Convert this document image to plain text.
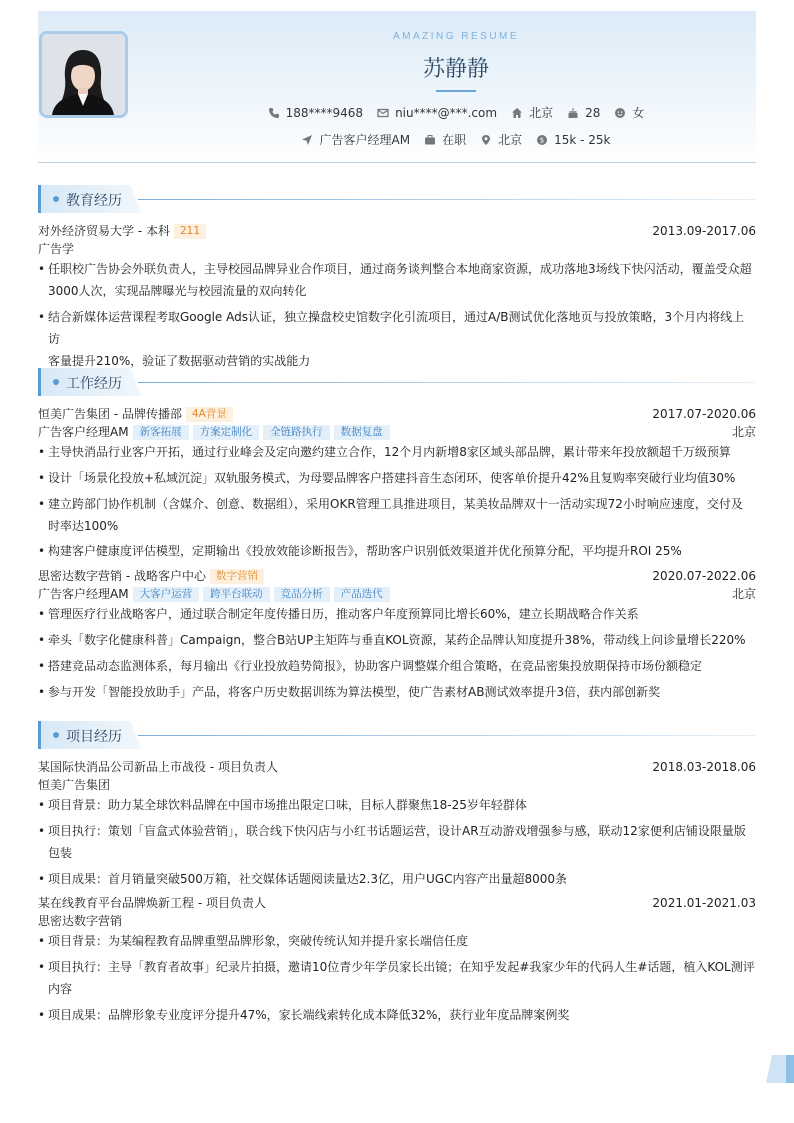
AMAZING RESUME
苏静静
188****9468	niu****@***.com	北京	28	女
广告客户经理AM	在职	北京	$ 15k - 25k
教育经历
对外经济贸易大学 - 本科 211	2013.09-2017.06
广告学
• 任职校广告协会外联负责人，主导校园品牌异业合作项目，通过商务谈判整合本地商家资源，成功落地3场线下快闪活动，覆盖受众超
3000人次，实现品牌曝光与校园流量的双向转化
• 结合新媒体运营课程考取Google Ads认证，独立操盘校史馆数字化引流项目，通过A/B测试优化落地页与投放策略，3个月内将线上访
客量提升210%，验证了数据驱动营销的实战能力
工作经历
恒美广告集团 - 品牌传播部 4A背景	2017.07-2020.06
广告客户经理AM 新客拓展 方案定制化 全链路执行 数据复盘	北京
• 主导快消品行业客户开拓，通过行业峰会及定向邀约建立合作，12个月内新增8家区域头部品牌，累计带来年投放额超千万级预算
• 设计「场景化投放+私域沉淀」双轨服务模式，为母婴品牌客户搭建抖音生态闭环，使客单价提升42%且复购率突破行业均值30%
• 建立跨部门协作机制（含媒介、创意、数据组），采用OKR管理工具推进项目，某美妆品牌双十一活动实现72小时响应速度，交付及
时率达100%
• 构建客户健康度评估模型，定期输出《投放效能诊断报告》，帮助客户识别低效渠道并优化预算分配，平均提升ROI 25%
思密达数字营销 - 战略客户中心 数字营销	2020.07-2022.06
广告客户经理AM 大客户运营 跨平台联动 竞品分析 产品迭代	北京
• 管理医疗行业战略客户，通过联合制定年度传播日历，推动客户年度预算同比增长60%，建立长期战略合作关系
• 牵头「数字化健康科普」Campaign，整合B站UP主矩阵与垂直KOL资源，某药企品牌认知度提升38%，带动线上问诊量增长220%
• 搭建竞品动态监测体系，每月输出《行业投放趋势简报》，协助客户调整媒介组合策略，在竞品密集投放期保持市场份额稳定
• 参与开发「智能投放助手」产品，将客户历史数据训练为算法模型，使广告素材AB测试效率提升3倍，获内部创新奖
项目经历
某国际快消品公司新品上市战役 - 项目负责人	2018.03-2018.06
恒美广告集团
• 项目背景：助力某全球饮料品牌在中国市场推出限定口味，目标人群聚焦18-25岁年轻群体
• 项目执行：策划「盲盒式体验营销」，联合线下快闪店与小红书话题运营，设计AR互动游戏增强参与感，联动12家便利店铺设限量版
包装
• 项目成果：首月销量突破500万箱，社交媒体话题阅读量达2.3亿，用户UGC内容产出量超8000条
某在线教育平台品牌焕新工程 - 项目负责人	2021.01-2021.03
思密达数字营销
• 项目背景：为某编程教育品牌重塑品牌形象，突破传统认知并提升家长端信任度
• 项目执行：主导「教育者故事」纪录片拍摄，邀请10位青少年学员家长出镜；在知乎发起#我家少年的代码人生#话题，植入KOL测评
内容
• 项目成果：品牌形象专业度评分提升47%，家长端线索转化成本降低32%，获行业年度品牌案例奖
